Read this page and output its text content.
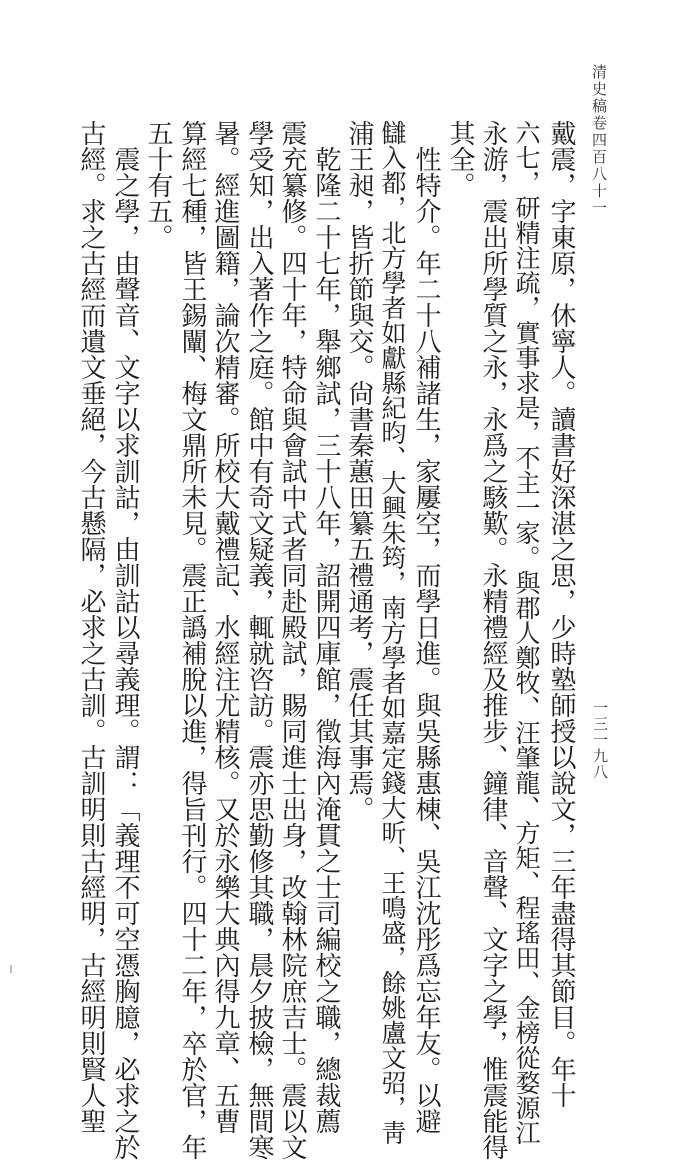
清史稿卷四百八十一
戴震，字東原，休寧人。讀書好深湛之思，少時塾師授以說文，三年盡得其節目。年十
六七，研精注疏，實事求是，不主一家。與郡人鄭牧、汪肇龍、方矩、程瑤田、金榜從婺源江
永游，震出所學質之永，永爲之駭歎。永精禮經及推步、鐘律、音聲、文字之學，惟震能得
其全。
性特介。年二十八補諸生，家屢空，而學日進。與吳縣惠棟、吳江沈彤爲忘年友。以避
讎入都，北方學者如獻縣紀昀、大興朱筠，南方學者如嘉定錢大昕、王鳴盛，餘姚盧文弨，靑
浦王昶，皆折節與交。尙書秦蕙田纂五禮通考，震任其事焉。
乾隆二十七年，舉鄉試，三十八年，詔開四庫館，徵海內淹貫之士司編校之職，總裁薦
震充纂修。四十年，特命與會試中式者同赴殿試，賜同進士出身，改翰林院庶吉士。震以文
學受知，出入著作之庭。館中有奇文疑義，輒就咨訪。震亦思勤修其職，晨夕披檢，無間寒
暑。經進圖籍，論次精審。所校大戴禮記、水經注尤精核。又於永樂大典內得九章、五曹
算經七種，皆王錫闡、梅文鼎所未見。震正譌補脫以進，得旨刊行。四十二年，卒於官，年
五十有五。
震之學，由聲音、文字以求訓詁，由訓詁以尋義理。謂：「義理不可空憑胸臆，必求之於
古經。求之古經而遺文垂絕，今古懸隔，必求之古訓。古訓明則古經明，古經明則賢人聖	一三一九八
